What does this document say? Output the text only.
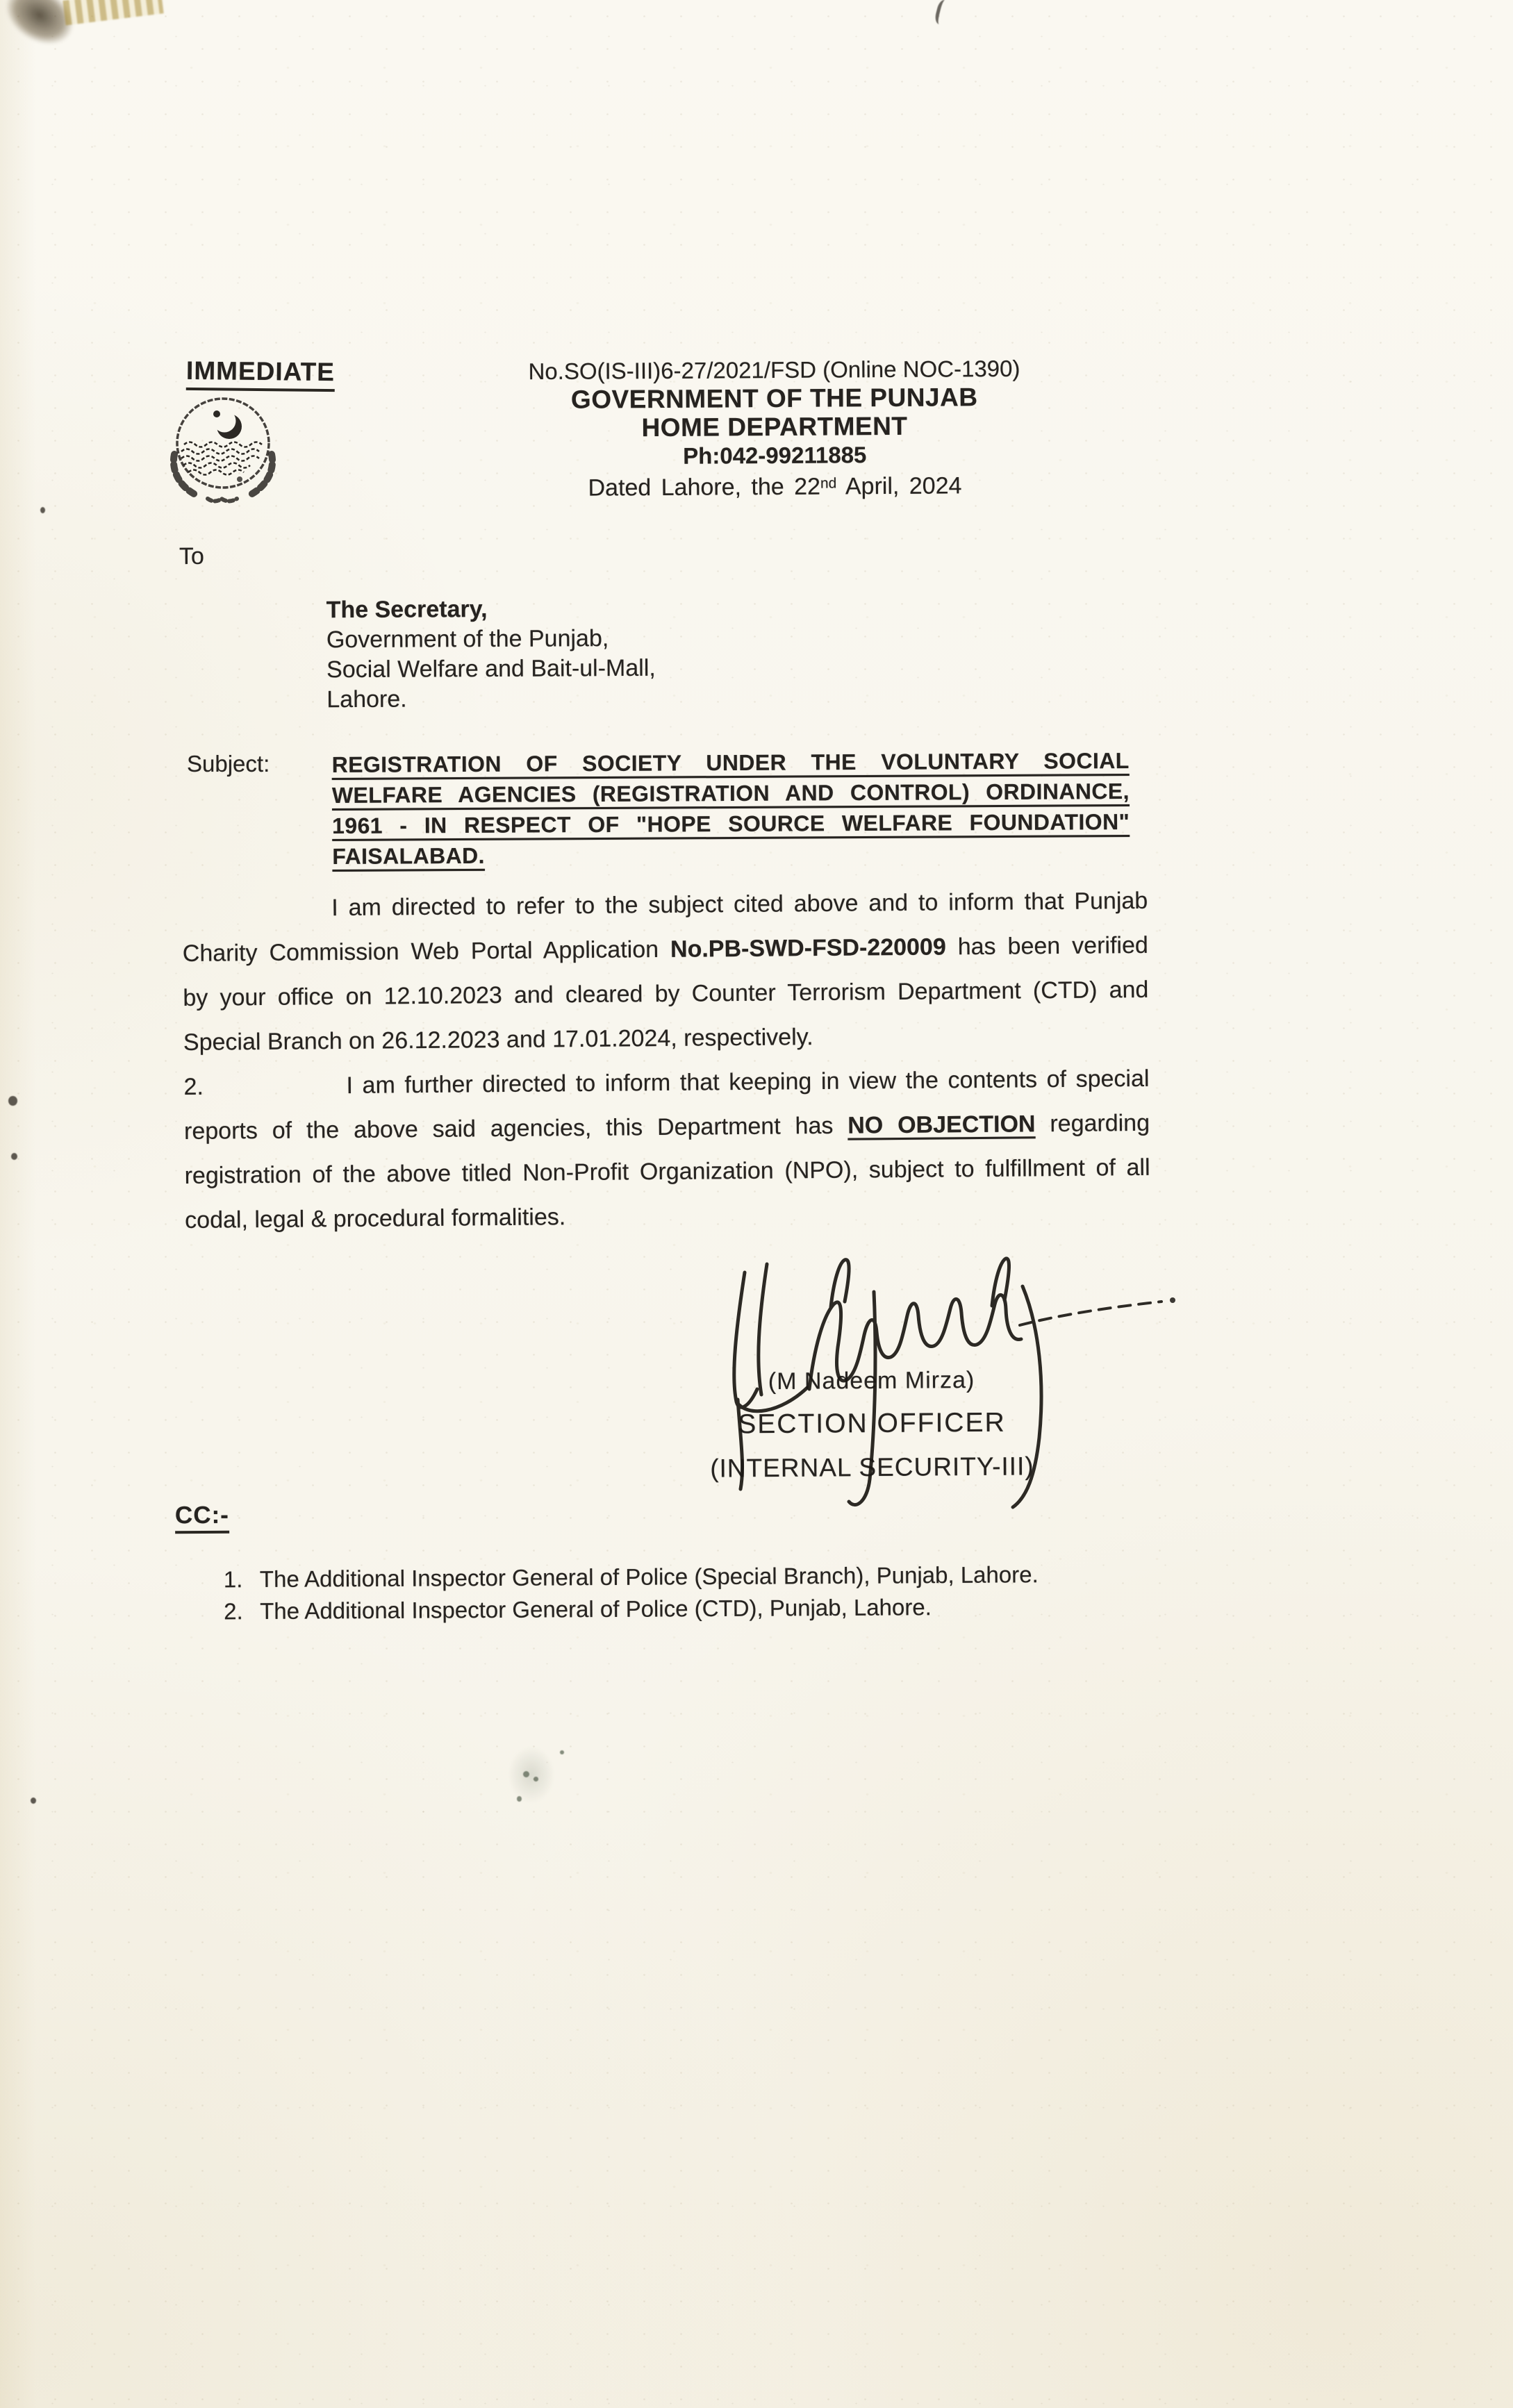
IMMEDIATE	No.SO(IS-III)6-27/2021/FSD (Online NOC-1390)
GOVERNMENT OF THE PUNJAB
HOME DEPARTMENT
Ph:042-99211885
Dated Lahore, the 22nd April, 2024
To
The Secretary,
Government of the Punjab,
Social Welfare and Bait-ul-Mall,
Lahore.
Subject:	REGISTRATION OF SOCIETY UNDER THE VOLUNTARY SOCIAL
WELFARE AGENCIES (REGISTRATION AND CONTROL) ORDINANCE,
1961 - IN RESPECT OF "HOPE SOURCE WELFARE FOUNDATION"
FAISALABAD.
I am directed to refer to the subject cited above and to inform that Punjab
Charity Commission Web Portal Application No.PB-SWD-FSD-220009 has been verified
by your office on 12.10.2023 and cleared by Counter Terrorism Department (CTD) and
Special Branch on 26.12.2023 and 17.01.2024, respectively.
2.	I am further directed to inform that keeping in view the contents of special
reports of the above said agencies, this Department has NO OBJECTION regarding
registration of the above titled Non-Profit Organization (NPO), subject to fulfillment of all
codal, legal & procedural formalities.
(M Nadeem Mirza)
SECTION OFFICER
(INTERNAL SECURITY-III)
CC:-
1. The Additional Inspector General of Police (Special Branch), Punjab, Lahore.
2. The Additional Inspector General of Police (CTD), Punjab, Lahore.
